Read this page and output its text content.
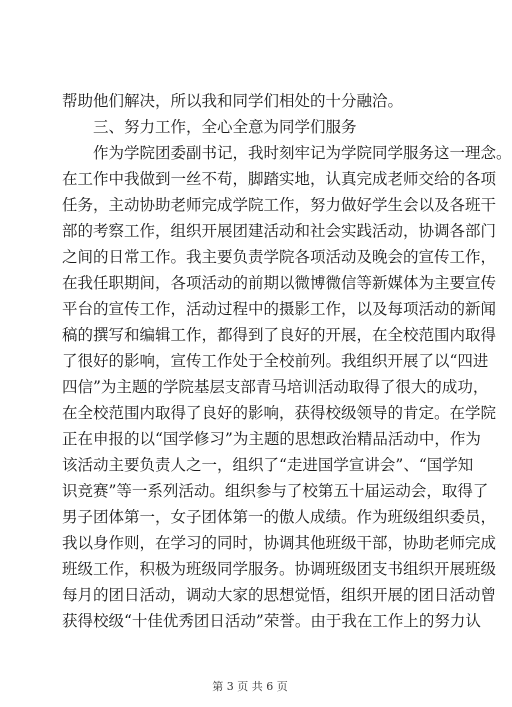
帮助他们解决，所以我和同学们相处的十分融洽。
三、努力工作，全心全意为同学们服务
作为学院团委副书记，我时刻牢记为学院同学服务这一理念。
在工作中我做到一丝不苟，脚踏实地，认真完成老师交给的各项
任务，主动协助老师完成学院工作，努力做好学生会以及各班干
部的考察工作，组织开展团建活动和社会实践活动，协调各部门
之间的日常工作。我主要负责学院各项活动及晚会的宣传工作，
在我任职期间，各项活动的前期以微博微信等新媒体为主要宣传
平台的宣传工作，活动过程中的摄影工作，以及每项活动的新闻
稿的撰写和编辑工作，都得到了良好的开展，在全校范围内取得
了很好的影响，宣传工作处于全校前列。我组织开展了以“四进
四信”为主题的学院基层支部青马培训活动取得了很大的成功，
在全校范围内取得了良好的影响，获得校级领导的肯定。在学院
正在申报的以“国学修习”为主题的思想政治精品活动中，作为
该活动主要负责人之一，组织了“走进国学宣讲会”、“国学知
识竞赛”等一系列活动。组织参与了校第五十届运动会，取得了
男子团体第一，女子团体第一的傲人成绩。作为班级组织委员，
我以身作则，在学习的同时，协调其他班级干部，协助老师完成
班级工作，积极为班级同学服务。协调班级团支书组织开展班级
每月的团日活动，调动大家的思想觉悟，组织开展的团日活动曾
获得校级“十佳优秀团日活动”荣誉。由于我在工作上的努力认
第 3 页 共 6 页
